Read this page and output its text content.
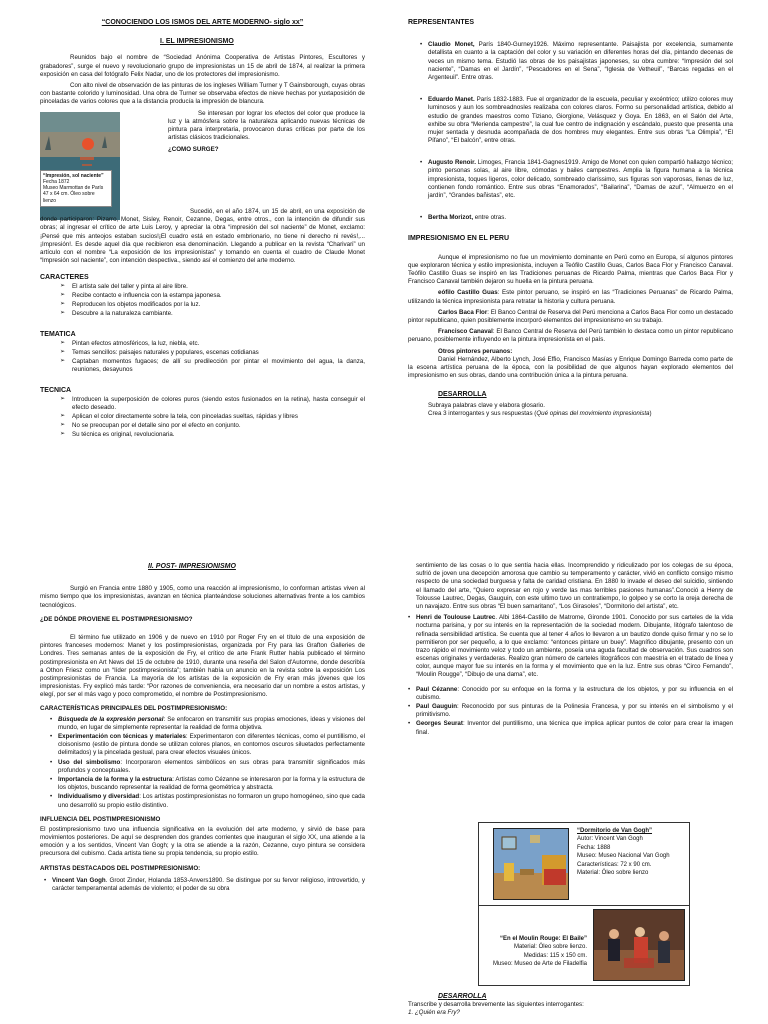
“CONOCIENDO LOS ISMOS DEL ARTE MODERNO- siglo xx”
I. EL IMPRESIONISMO

Reunidos bajo el nombre de “Sociedad Anónima Cooperativa de Artistas Pintores, Escultores y grabadores”, surge el nuevo y revolucionario grupo de impresionistas un 15 de abril de 1874, al realizar la primera exposición en casa del fotógrafo Felix Nadar, uno de los protectores del impresionismo.

Con alto nivel de observación de las pinturas de los ingleses William Turner y T Gainsborough, cuyas obras con bastante colorido y luminosidad. Una obra de Turner se observaba efectos de nieve hechas por yuxtaposición de pinceladas de varios colores que a la distancia producía la impresión de blancura.

“Impresión, sol naciente”
Fecha 1872
Museo Marmottan de París
47 x 64 cm. Óleo sobre lienzo

Se interesan por lograr los efectos del color que produce la luz y la atmósfera sobre la naturaleza aplicando nuevas técnicas de pintura para interpretaria, provocaron duras críticas por parte de los artistas clásicos tradicionales.

¿COMO SURGE?

Sucedió, en el año 1874, un 15 de abril, en una exposición de donde participaron: Pizarro, Monet, Sisley, Renoir, Cezanne, Degas, entre otros., con la intención de difundir sus obras; al ingresar el crítico de arte Luis Leroy, y apreciar la obra “impresión del sol naciente” de Monet, exclamo: ¡Pensé que mis anteojos estaban sucios!¡El cuadro está en estado embrionario, no tiene ni derecho ni revés!,...¡Impresión!. Es desde aquel día que recibieron esa denominación. Llegando a publicar en la revista “Charivari” un artículo con el nombre “La exposición de los impresionistas” y tomando en cuenta el cuadro de Claude Monet “Impresión sol naciente”, con intención despectiva., siendo así el comienzo del arte moderno.

CARACTERES
➢ El artista sale del taller y pinta al aire libre.
➢ Recibe contacto e influencia con la estampa japonesa.
➢ Reproducen los objetos modificados por la luz.
➢ Descubre a la naturaleza cambiante.
TEMATICA
➢ Pintan efectos atmosféricos, la luz, niebla, etc.
➢ Temas sencillos: paisajes naturales y populares, escenas cotidianas
➢ Captaban momentos fugaces; de allí su predilección por pintar el movimiento del agua, la danza, reuniones, desayunos
TECNICA
➢ Introducen la superposición de colores puros (siendo estos fusionados en la retina), hasta conseguir el efecto deseado.
➢ Aplican el color directamente sobre la tela, con pinceladas sueltas, rápidas y libres
➢ No se preocupan por el detalle sino por el efecto en conjunto.
➢ Su técnica es original, revolucionaria.
REPRESENTANTES
• Claudio Monet, París 1840-Gurney1926. Máximo representante. Paisajista por excelencia, sumamente detallista en cuanto a la captación del color y su variación en diferentes horas del día, pintando decenas de veces un mismo tema. Estudió las obras de los paisajistas japoneses, su obra cumbre: “Impresión del sol naciente”, “Damas en el Jardín”, “Pescadores en el Sena”, “Iglesia de Vetheuil”, “Barcas regadas en el Argenteuil”. Entre otras.
• Eduardo Manet. París 1832-1883. Fue el organizador de la escuela, peculiar y excéntrico; utilizo colores muy luminosos y aun los sombreadnosles realizaba con colores claros. Formo su personalidad artística, debido al estudio de grandes maestros como Tiziano, Giorgione, Velásquez y Goya. En 1863, en el Salón del Arte, exhibe su obra “Merienda campestre”, la cual fue centro de indignación y escándalo, puesto que presenta una mujer sentada y desnuda acompañada de dos hombres muy elegantes. Entre sus obras “La Olimpia”, “El Pífano”, “El balcón”, entre otras.
• Augusto Renoir. Limoges, Francia 1841-Gagnes1919. Amigo de Monet con quien compartió hallazgo técnico; pinto personas solas, al aire libre, cómodas y bailes campestres. Amplia la figura humana a la técnica impresionista, toques ligeros, color delicado, sombreado claríssimo, sus figuras son vaporosas, llenas de luz, contienen fondo romántico. Entre sus obras “Enamorados”, “Bailarina”, “Damas de azul”, “Almuerzo en el jardín”, “Grandes bañistas”, etc.
• Bertha Morizot, entre otras.
IMPRESIONISMO EN EL PERU

Aunque el impresionismo no fue un movimiento dominante en Perú como en Europa, sí algunos pintores que exploraron técnica y estilo impresionista, incluyen a Teófilo Castillo Guas, Carlos Baca Flor y Francisco Canaval. Teófilo Castillo Guas se inspiró en las Tradiciones peruanas de Ricardo Palma, mientras que Carlos Baca Flor y Francisco Canaval también dejaron su huella en la pintura peruana.

eófilo Castillo Guas: Este pintor peruano, se inspiró en las “Tradiciones Peruanas” de Ricardo Palma, utilizando la técnica impresionista para retratar la historia y cultura peruana.

Carlos Baca Flor: El Banco Central de Reserva del Perú menciona a Carlos Baca Flor como un destacado pintor republicano, quien posiblemente incorporó elementos del impresionismo en su trabajo.

Francisco Canaval: El Banco Central de Reserva del Perú también lo destaca como un pintor republicano peruano, posiblemente influyendo en la pintura impresionista en el país.

Otros pintores peruanos:

Daniel Hernández, Alberto Lynch, José Effio, Francisco Masías y Enrique Domingo Barreda como parte de la escena artística peruana de la época, con la posibilidad de que algunos hayan explorado elementos del impresionismo en sus obras, dando una contribución única a la pintura peruana.

DESARROLLA
Subraya palabras clave y elabora glosario.
Crea 3 interrogantes y sus respuestas (Qué opinas del movimiento impresionista)
II. POST- IMPRESIONISMO

Surgió en Francia entre 1880 y 1905, como una reacción al impresionismo, lo conforman artistas viven al mismo tiempo que los impresionistas, avanzan en técnica planteándose soluciones alternativas frente a los cambios tecnológicos.

¿DE DÓNDE PROVIENE EL POSTIMPRESIONISMO?

El término fue utilizado en 1906 y de nuevo en 1910 por Roger Fry en el título de una exposición de pintores franceses modernos: Manet y los postimpresionistas, organizada por Fry para las Grafton Galleries de Londres. Tres semanas antes de la exposición de Fry, el crítico de arte Frank Rutter había publicado el término postimpresionista en Art News del 15 de octubre de 1910, durante una reseña del Salon d'Automne, donde describía a Othon Friesz como un “líder postimpresionista”; también había un anuncio en la revista sobre la exposición Los postimpresionistas de Francia. La mayoría de los artistas de la exposición de Fry eran más jóvenes que los impresionistas. Fry explicó más tarde: “Por razones de conveniencia, era necesario dar un nombre a estos artistas, y elegí, por ser el más vago y poco comprometido, el nombre de Postimpresionismo.

CARACTERÍSTICAS PRINCIPALES DEL POSTIMPRESIONISMO:
• Búsqueda de la expresión personal: Se enfocaron en transmitir sus propias emociones, ideas y visiones del mundo, en lugar de simplemente representar la realidad de forma objetiva.
• Experimentación con técnicas y materiales: Experimentaron con diferentes técnicas, como el puntillismo, el cloisonismo (estilo de pintura donde se utilizan colores planos, en contornos oscuros siluetados perfectamente delimitados) y la pincelada gestual, para crear efectos visuales únicos.
• Uso del simbolismo: Incorporaron elementos simbólicos en sus obras para transmitir significados más profundos y conceptuales.
• Importancia de la forma y la estructura: Artistas como Cézanne se interesaron por la forma y la estructura de los objetos, buscando representar la realidad de forma geométrica y abstracta.
• Individualismo y diversidad: Los artistas postimpresionistas no formaron un grupo homogéneo, sino que cada uno desarrolló su propio estilo distintivo.
INFLUENCIA DEL POSTIMPRESIONISMO

El postimpresionismo tuvo una influencia significativa en la evolución del arte moderno, y sirvió de base para movimientos posteriores. De aquí se desprenden dos grandes corrientes que inauguran el siglo XX, una atiende a la emoción y a los sentidos, Vincent Van Gogh; y la otra se atiende a la razón, Cezanne, cuyo pintura se considera precursora del cubismo. Cada artista tiene su propia tendencia, su propio estilo.

ARTISTAS DESTACADOS DEL POSTIMPRESIONISMO:
• Vincent Van Gogh. Groot Zinder, Holanda 1853-Anvers1890. Se distingue por su fervor religioso, introvertido, y carácter temperamental además de violento; el poder de su obra

sentimiento de las cosas o lo que sentía hacia ellas. Incomprendido y ridiculizado por los colegas de su época, sufrió de joven una decepción amorosa que cambio su temperamento y carácter, vivió en conflicto consigo mismo respecto de una sociedad burguesa y falta de caridad cristiana. En 1880 lo invade el deseo del suicidio, sintiendo el llamado del arte, “Quiero expresar en rojo y verde las mas terribles pasiones humanas”.Conoció a Henry de Tolousse Lautrec, Degas, Gauguin, con este ultimo tuvo un contratiempo, lo golpeo y se corto la oreja derecha de un navajazo. Entre sus obras “El buen samaritano”, “Los Girasoles”, “Dormitorio del artista”, etc.

• Henri de Toulouse Lautrec. Albi 1864-Castillo de Matrome, Gironde 1901. Conocido por sus carteles de la vida nocturna parisina, y por su interés en la representación de la sociedad modern. Dibujante, litógrafo talentoso de refinada sensibilidad artística. Se cuenta que al tener 4 años lo llevaron a un bautizo donde quiso firmar y no se lo permitieron por ser pequeño, a lo que exclamo: “entonces pintare un buey”. Magnífico dibujante, presento con un trazo rápido el movimiento veloz y todo un ambiente, poseía una aguda facultad de observación. Sus cuadros son escenas originales y verdaderas. Realizo gran número de carteles litográficos con maestría en el tratado de línea y color, aunque mayor fue su interés en la forma y el movimiento que en la luz. Entre sus obras “Circo Fernando”, “Moulin Rougge”, “Dibujo de una dama”, etc.
• Paul Cézanne: Conocido por su enfoque en la forma y la estructura de los objetos, y por su influencia en el cubismo.
• Paul Gauguin: Reconocido por sus pinturas de la Polinesia Francesa, y por su interés en el simbolismo y el primitivismo.
• Georges Seurat: Inventor del puntillismo, una técnica que implica aplicar puntos de color para crear la imagen final.
“Dormitorio de Van Gogh”
Autor: Vincent Van Gogh
Fecha: 1888
Museo: Museo Nacional Van Gogh
Características: 72 x 90 cm.
Material: Óleo sobre lienzo
“En el Moulin Rouge: El Baile”
Material: Óleo sobre lienzo.
Medidas: 115 x 150 cm.
Museo: Museo de Arte de Filadelfia
DESARROLLA
Transcribe y desarrolla brevemente las siguientes interrogantes:
1. ¿Quién era Fry?
